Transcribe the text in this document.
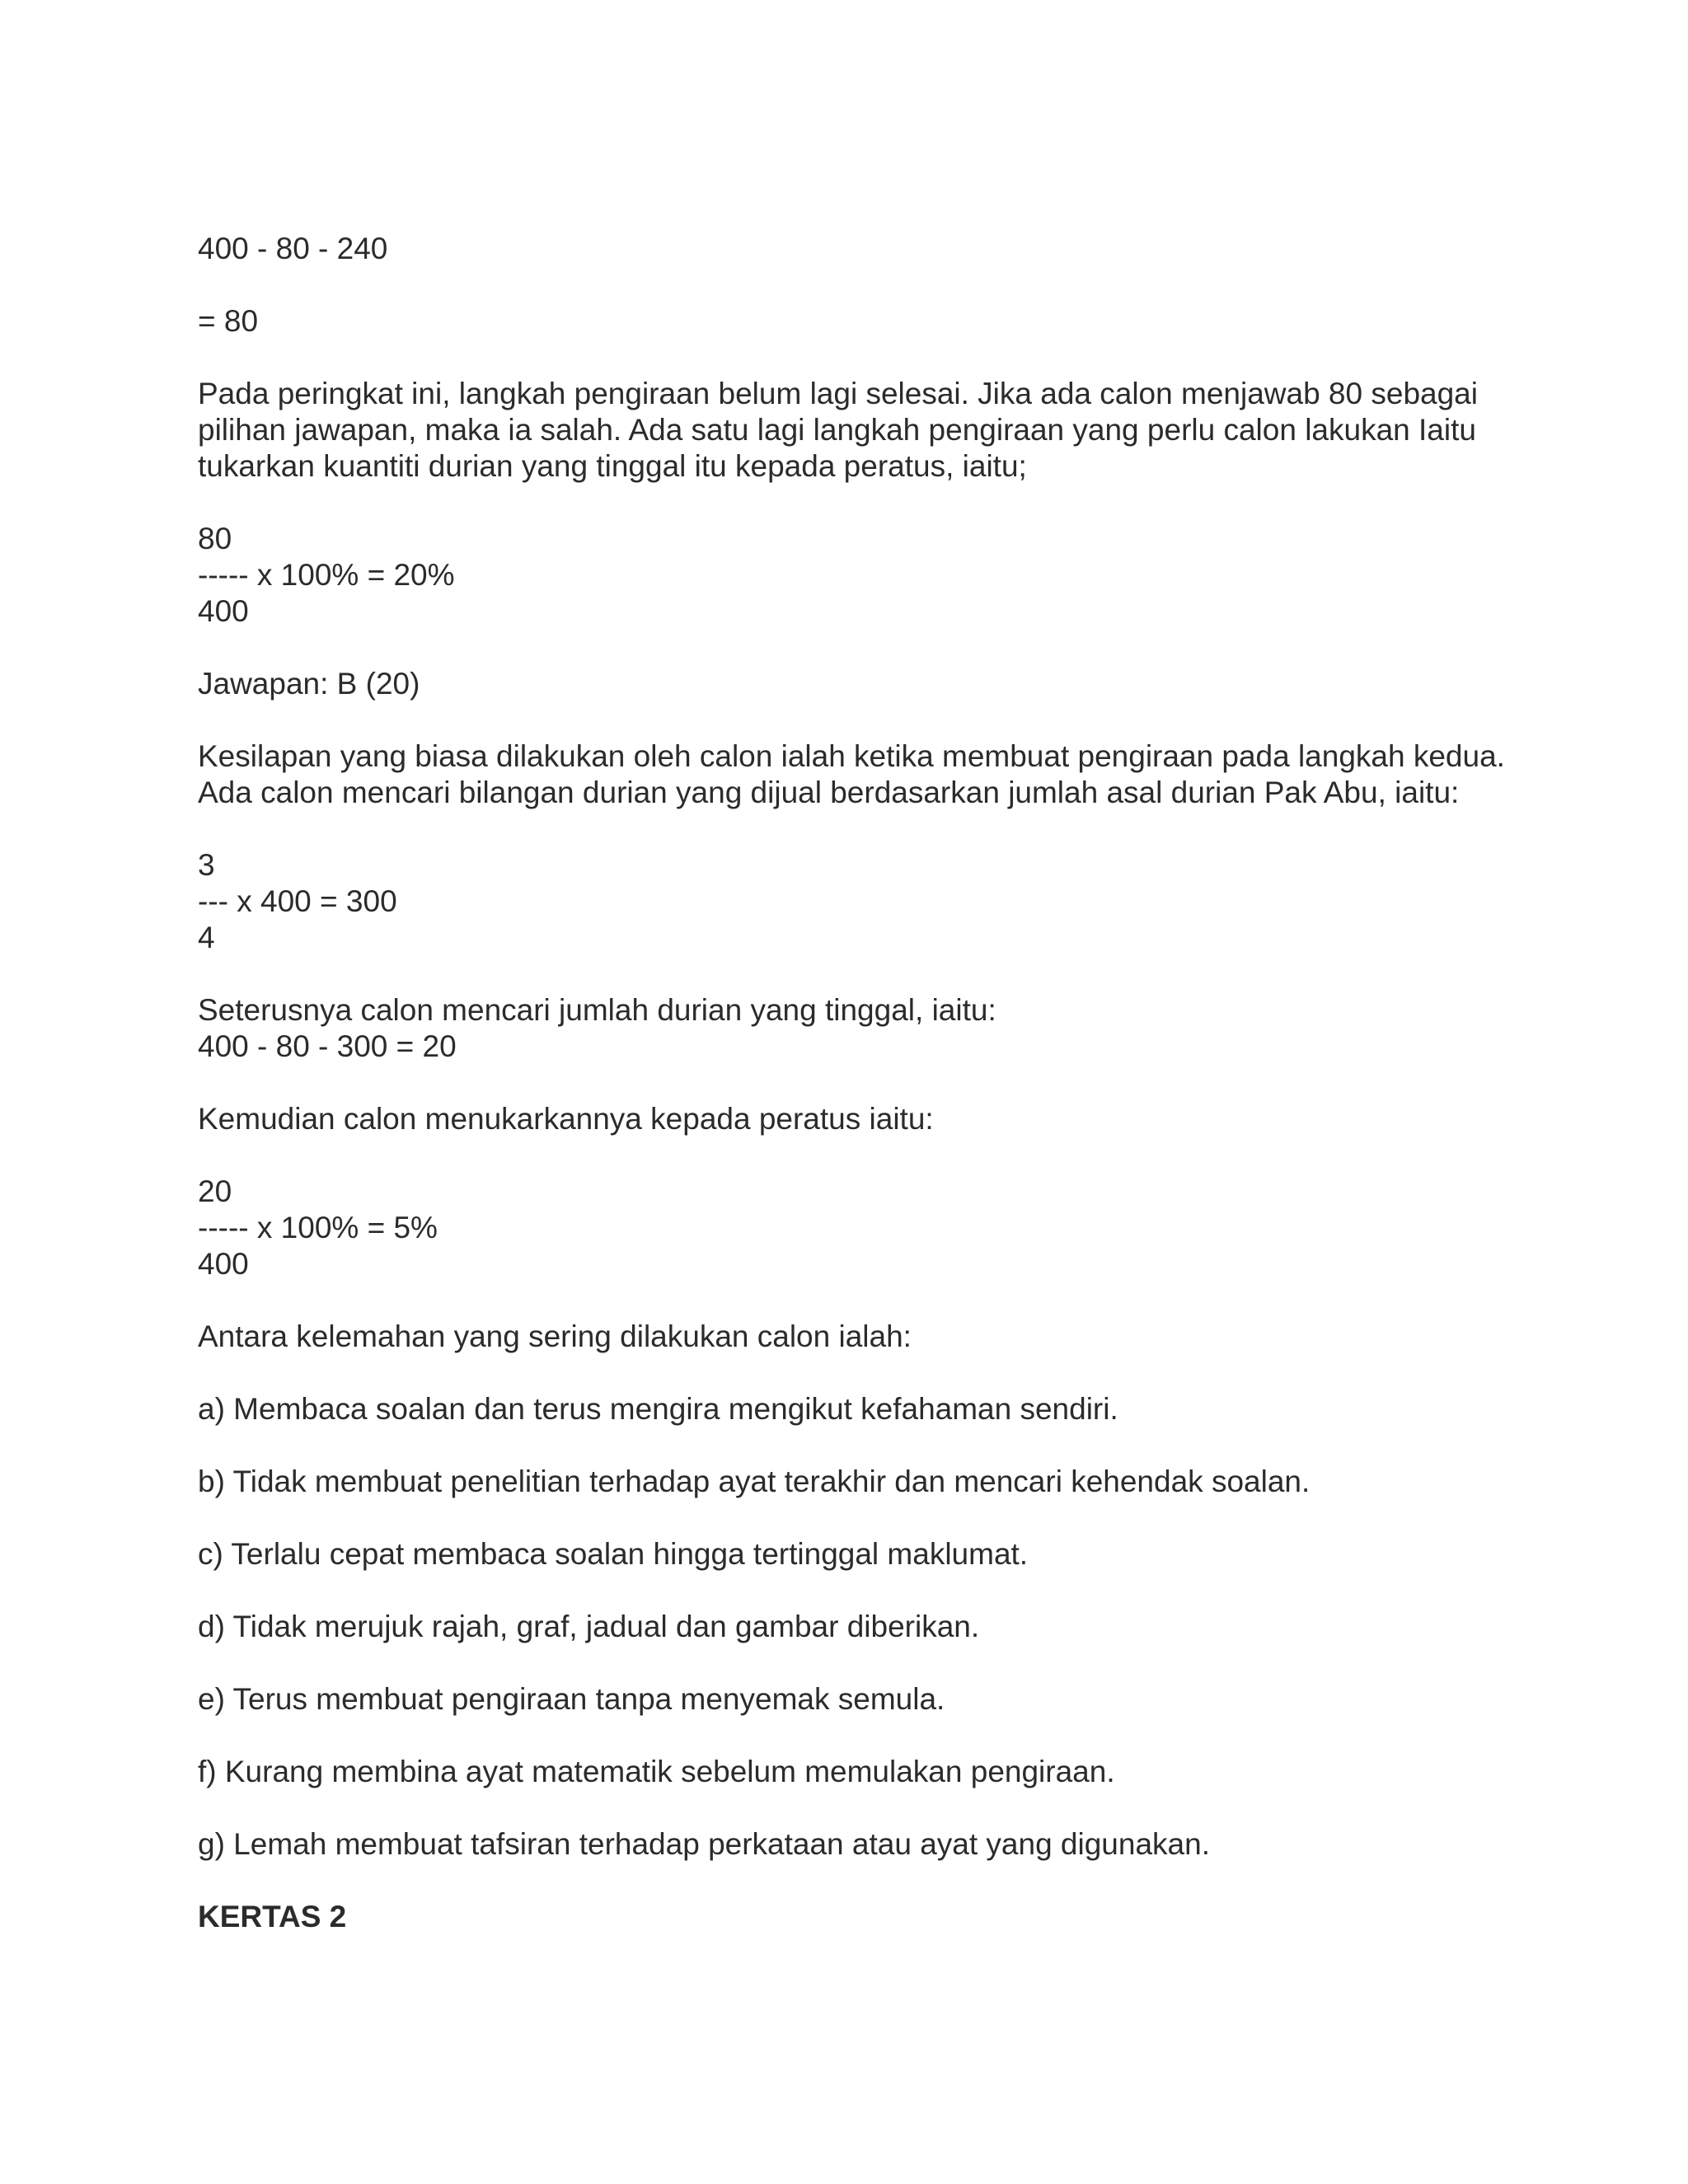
400 - 80 - 240
= 80
Pada peringkat ini, langkah pengiraan belum lagi selesai. Jika ada calon menjawab 80 sebagai pilihan jawapan, maka ia salah. Ada satu lagi langkah pengiraan yang perlu calon lakukan Iaitu tukarkan kuantiti durian yang tinggal itu kepada peratus, iaitu;
80
----- x 100% = 20%
400
Jawapan: B (20)
Kesilapan yang biasa dilakukan oleh calon ialah ketika membuat pengiraan pada langkah kedua. Ada calon mencari bilangan durian yang dijual berdasarkan jumlah asal durian Pak Abu, iaitu:
3
--- x 400 = 300
4
Seterusnya calon mencari jumlah durian yang tinggal, iaitu:
400 - 80 - 300 = 20
Kemudian calon menukarkannya kepada peratus iaitu:
20
----- x 100% = 5%
400
Antara kelemahan yang sering dilakukan calon ialah:
a) Membaca soalan dan terus mengira mengikut kefahaman sendiri.
b) Tidak membuat penelitian terhadap ayat terakhir dan mencari kehendak soalan.
c) Terlalu cepat membaca soalan hingga tertinggal maklumat.
d) Tidak merujuk rajah, graf, jadual dan gambar diberikan.
e) Terus membuat pengiraan tanpa menyemak semula.
f) Kurang membina ayat matematik sebelum memulakan pengiraan.
g) Lemah membuat tafsiran terhadap perkataan atau ayat yang digunakan.
KERTAS 2
